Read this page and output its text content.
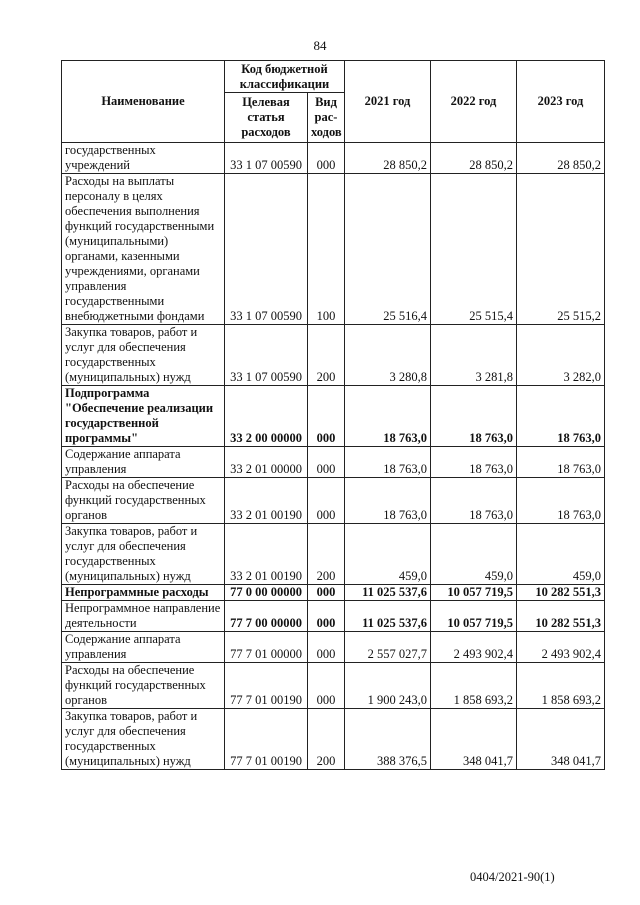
84
Наименование	Код бюджетной классификации		2021 год	2022 год	2023 год
	Целевая статья расходов	Вид рас-ходов			
государственных учреждений	33 1 07 00590	000	28 850,2	28 850,2	28 850,2
Расходы на выплаты персоналу в целях обеспечения выполнения функций государственными (муниципальными) органами, казенными учреждениями, органами управления государственными внебюджетными фондами	33 1 07 00590	100	25 516,4	25 515,4	25 515,2
Закупка товаров, работ и услуг для обеспечения государственных (муниципальных) нужд	33 1 07 00590	200	3 280,8	3 281,8	3 282,0
Подпрограмма "Обеспечение реализации государственной программы"	33 2 00 00000	000	18 763,0	18 763,0	18 763,0
Содержание аппарата управления	33 2 01 00000	000	18 763,0	18 763,0	18 763,0
Расходы на обеспечение функций государственных органов	33 2 01 00190	000	18 763,0	18 763,0	18 763,0
Закупка товаров, работ и услуг для обеспечения государственных (муниципальных) нужд	33 2 01 00190	200	459,0	459,0	459,0
Непрограммные расходы	77 0 00 00000	000	11 025 537,6	10 057 719,5	10 282 551,3
Непрограммное направление деятельности	77 7 00 00000	000	11 025 537,6	10 057 719,5	10 282 551,3
Содержание аппарата управления	77 7 01 00000	000	2 557 027,7	2 493 902,4	2 493 902,4
Расходы на обеспечение функций государственных органов	77 7 01 00190	000	1 900 243,0	1 858 693,2	1 858 693,2
Закупка товаров, работ и услуг для обеспечения государственных (муниципальных) нужд	77 7 01 00190	200	388 376,5	348 041,7	348 041,7
0404/2021-90(1)
